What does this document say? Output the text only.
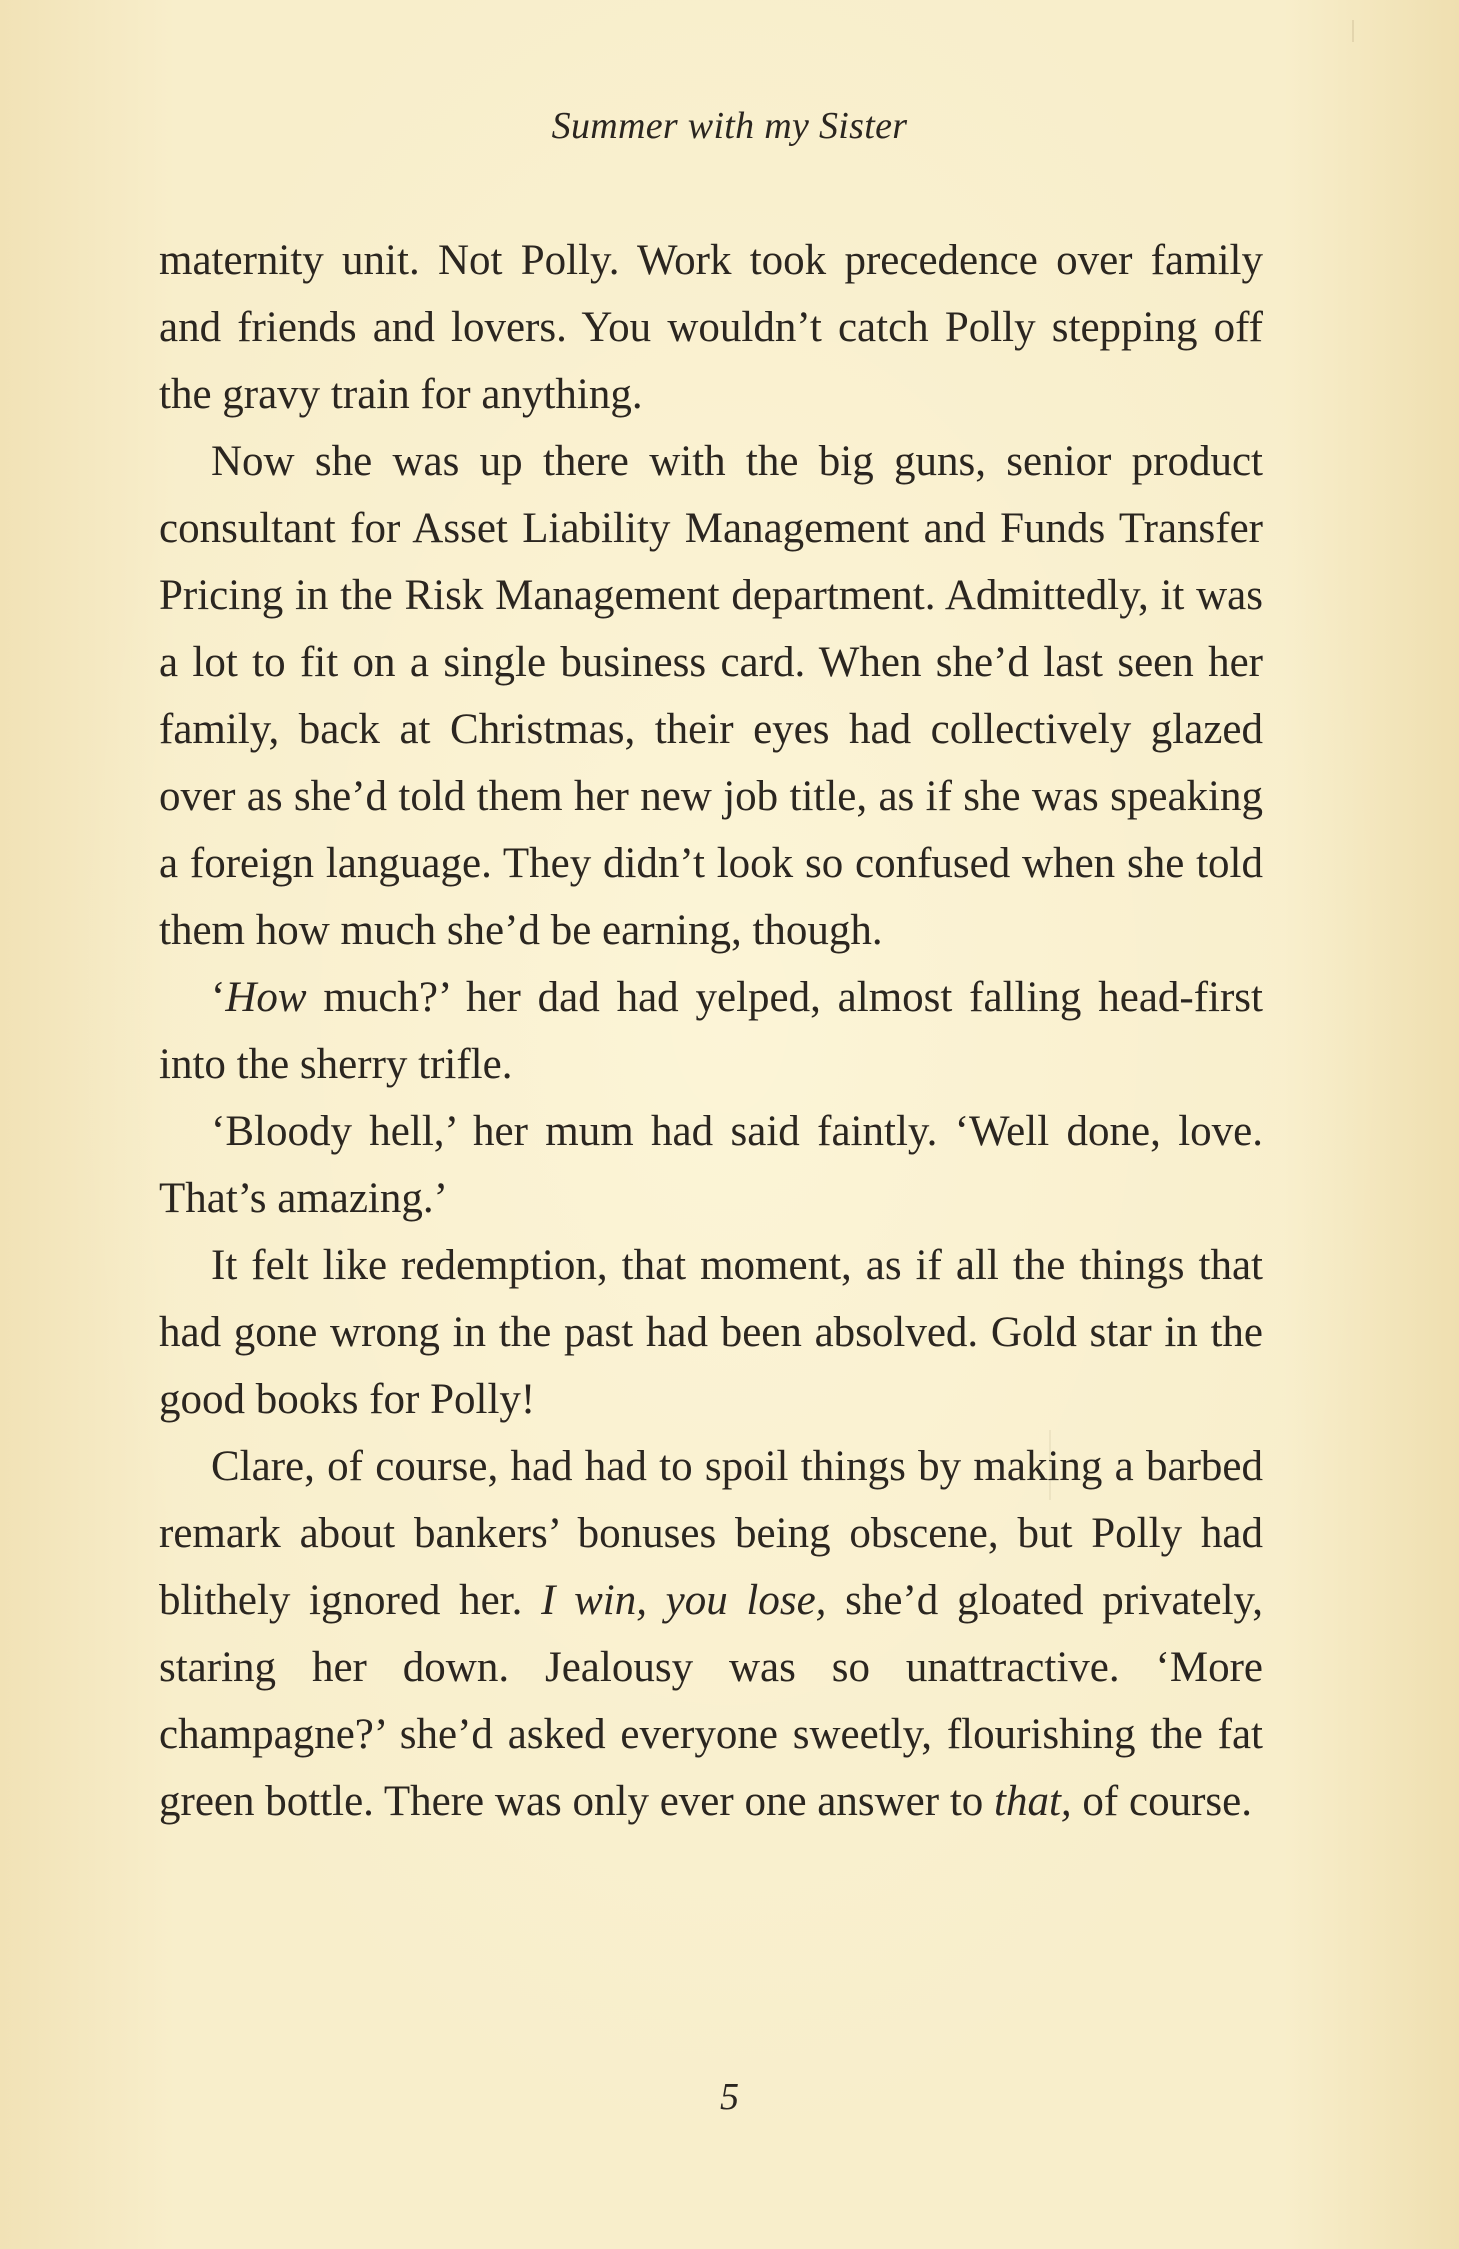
Summer with my Sister

maternity unit. Not Polly. Work took precedence over family and friends and lovers. You wouldn’t catch Polly stepping off the gravy train for anything.

Now she was up there with the big guns, senior product consultant for Asset Liability Management and Funds Transfer Pricing in the Risk Management department. Admittedly, it was a lot to fit on a single business card. When she’d last seen her family, back at Christmas, their eyes had collectively glazed over as she’d told them her new job title, as if she was speaking a foreign language. They didn’t look so confused when she told them how much she’d be earning, though.

‘How much?’ her dad had yelped, almost falling head-first into the sherry trifle.

‘Bloody hell,’ her mum had said faintly. ‘Well done, love. That’s amazing.’

It felt like redemption, that moment, as if all the things that had gone wrong in the past had been absolved. Gold star in the good books for Polly!

Clare, of course, had had to spoil things by making a barbed remark about bankers’ bonuses being obscene, but Polly had blithely ignored her. I win, you lose, she’d gloated privately, staring her down. Jealousy was so unattractive. ‘More champagne?’ she’d asked everyone sweetly, flourishing the fat green bottle. There was only ever one answer to that, of course.

5
